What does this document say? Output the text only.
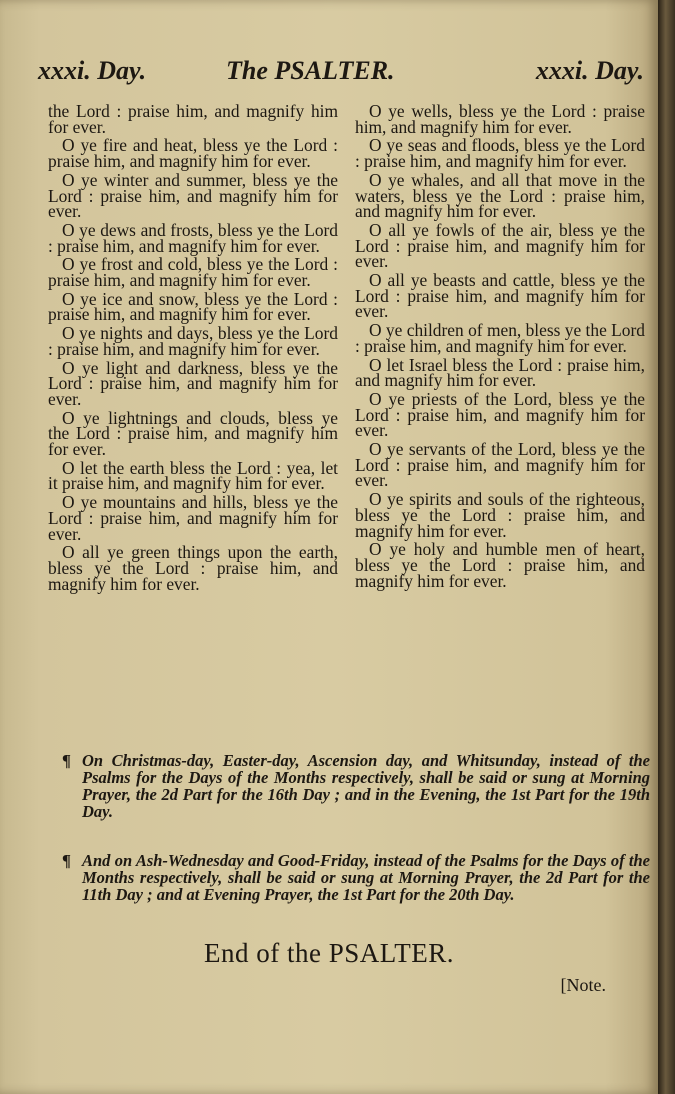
xxxi. Day.	The PSALTER.	xxxi. Day.

the Lord : praise him, and magnify him for ever.

O ye fire and heat, bless ye the Lord : praise him, and magnify him for ever.

O ye winter and summer, bless ye the Lord : praise him, and magnify him for ever.

O ye dews and frosts, bless ye the Lord : praise him, and magnify him for ever.

O ye frost and cold, bless ye the Lord : praise him, and magnify him for ever.

O ye ice and snow, bless ye the Lord : praise him, and magnify him for ever.

O ye nights and days, bless ye the Lord : praise him, and magnify him for ever.

O ye light and darkness, bless ye the Lord : praise him, and magnify him for ever.

O ye lightnings and clouds, bless ye the Lord : praise him, and magnify him for ever.

O let the earth bless the Lord : yea, let it praise him, and magnify him for ever.

O ye mountains and hills, bless ye the Lord : praise him, and magnify him for ever.

O all ye green things upon the earth, bless ye the Lord : praise him, and magnify him for ever.

O ye wells, bless ye the Lord : praise him, and magnify him for ever.

O ye seas and floods, bless ye the Lord : praise him, and magnify him for ever.

O ye whales, and all that move in the waters, bless ye the Lord : praise him, and magnify him for ever.

O all ye fowls of the air, bless ye the Lord : praise him, and magnify him for ever.

O all ye beasts and cattle, bless ye the Lord : praise him, and magnify him for ever.

O ye children of men, bless ye the Lord : praise him, and magnify him for ever.

O let Israel bless the Lord : praise him, and magnify him for ever.

O ye priests of the Lord, bless ye the Lord : praise him, and magnify him for ever.

O ye servants of the Lord, bless ye the Lord : praise him, and magnify him for ever.

O ye spirits and souls of the righteous, bless ye the Lord : praise him, and magnify him for ever.

O ye holy and humble men of heart, bless ye the Lord : praise him, and magnify him for ever.

¶ On Christmas-day, Easter-day, Ascension day, and Whitsunday, instead of the Psalms for the Days of the Months respectively, shall be said or sung at Morning Prayer, the 2d Part for the 16th Day ; and in the Evening, the 1st Part for the 19th Day.
¶ And on Ash-Wednesday and Good-Friday, instead of the Psalms for the Days of the Months respectively, shall be said or sung at Morning Prayer, the 2d Part for the 11th Day ; and at Evening Prayer, the 1st Part for the 20th Day.
End of the PSALTER.
[Note.
